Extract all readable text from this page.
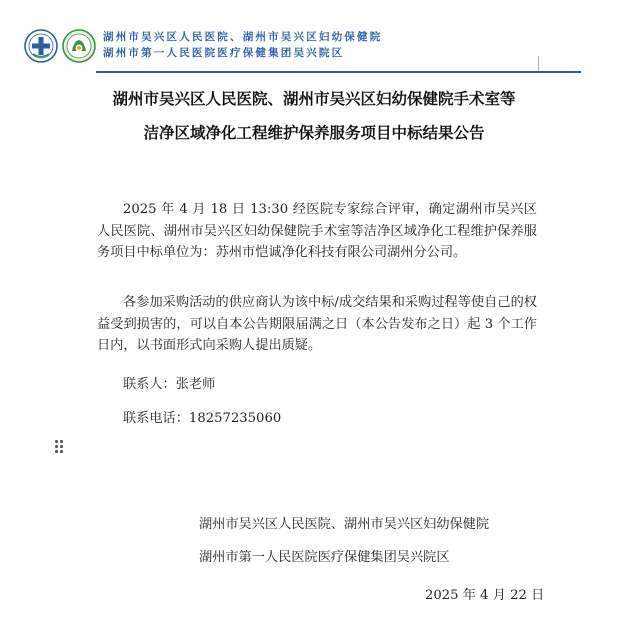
湖州市吴兴区人民医院、湖州市吴兴区妇幼保健院
湖州市第一人民医院医疗保健集团吴兴院区
湖州市吴兴区人民医院、湖州市吴兴区妇幼保健院手术室等
洁净区域净化工程维护保养服务项目中标结果公告
2025 年 4 月 18 日 13:30 经医院专家综合评审，确定湖州市吴兴区人民医院、湖州市吴兴区妇幼保健院手术室等洁净区域净化工程维护保养服务项目中标单位为：苏州市恺诚净化科技有限公司湖州分公司。
各参加采购活动的供应商认为该中标/成交结果和采购过程等使自己的权益受到损害的，可以自本公告期限届满之日（本公告发布之日）起 3 个工作日内，以书面形式向采购人提出质疑。
联系人：张老师
联系电话：18257235060
湖州市吴兴区人民医院、湖州市吴兴区妇幼保健院
湖州市第一人民医院医疗保健集团吴兴院区
2025 年 4 月 22 日
